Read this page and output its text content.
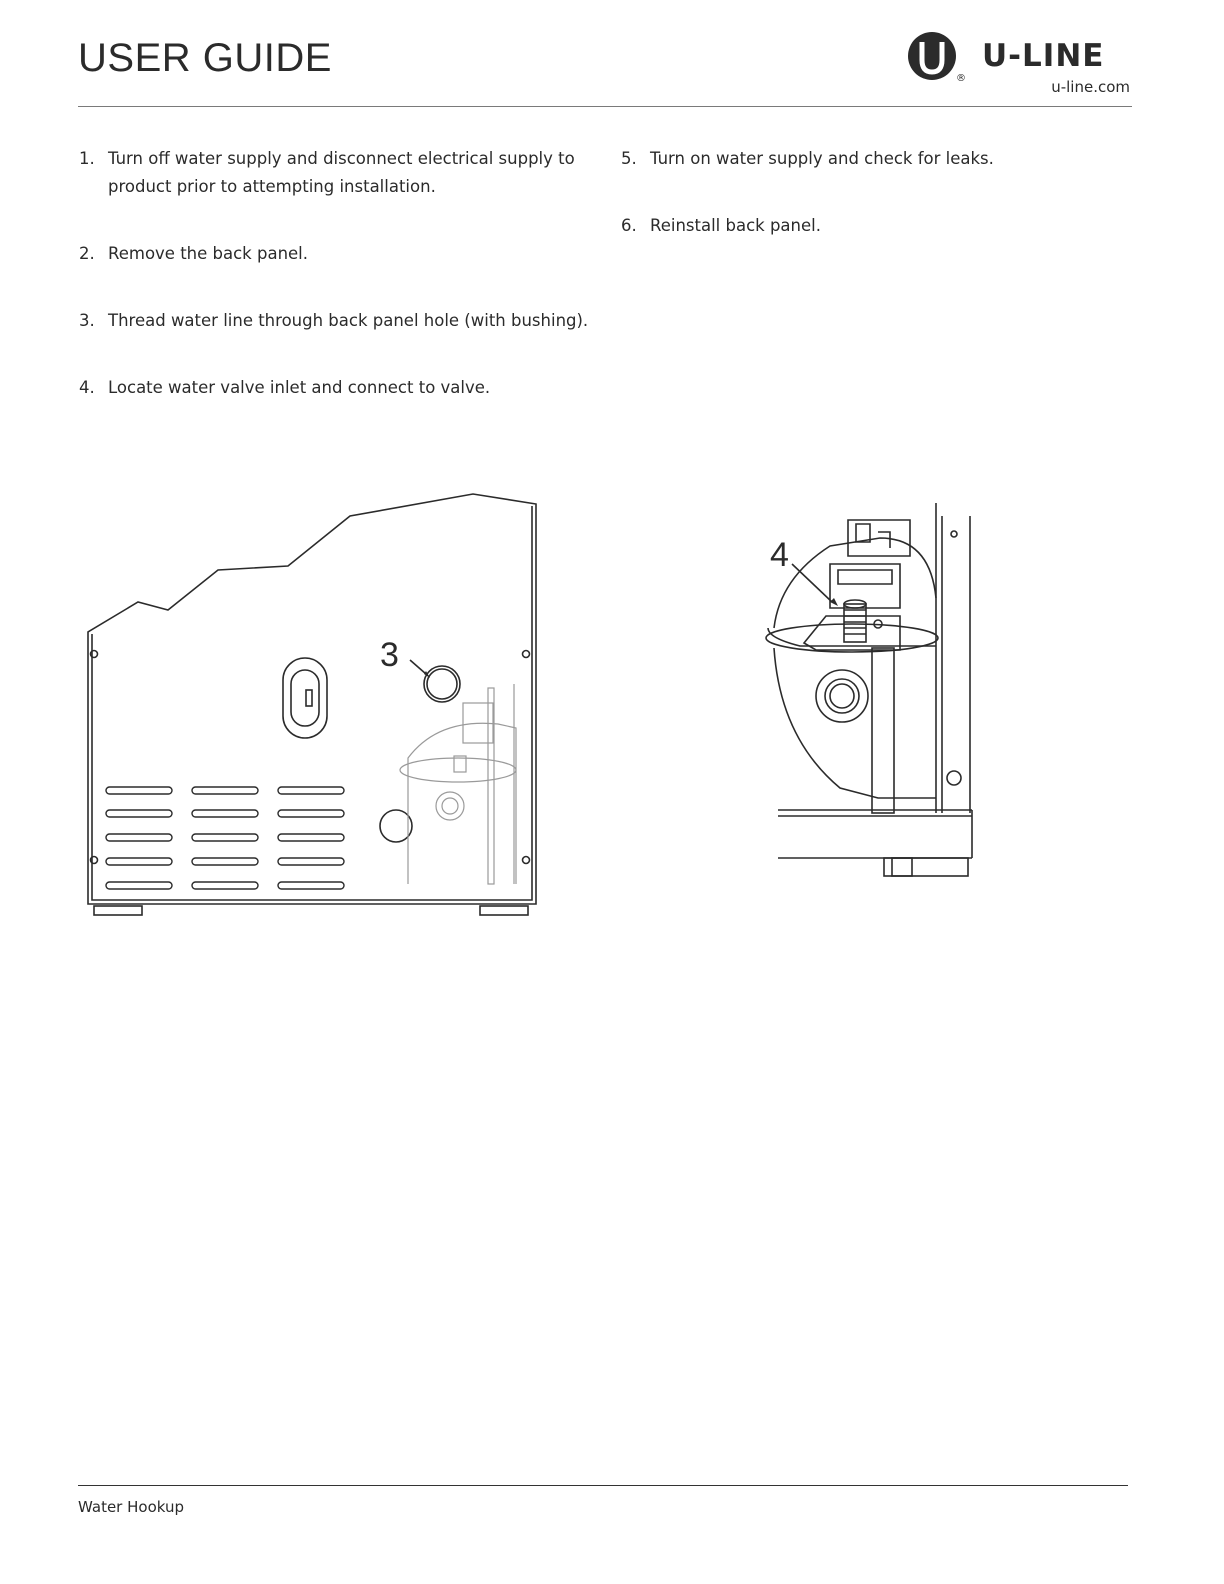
USER GUIDE	®
U-LINE
u-line.com
1. Turn off water supply and disconnect electrical supply to product prior to attempting installation.
2. Remove the back panel.
3. Thread water line through back panel hole (with bushing).
4. Locate water valve inlet and connect to valve.
5. Turn on water supply and check for leaks.
6. Reinstall back panel.
3
4
Water Hookup
